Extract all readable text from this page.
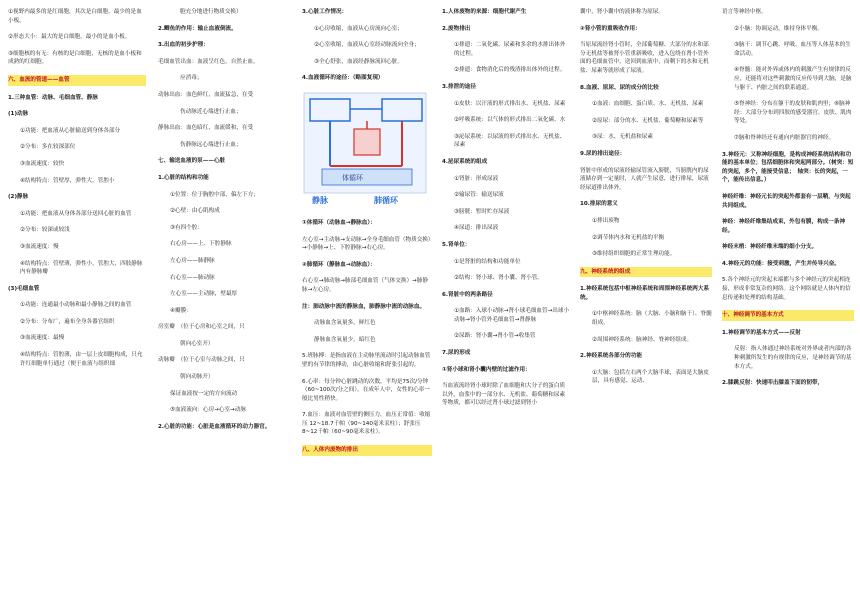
①视野内最多的是红细胞，其次是白细胞，最少的是血小板。

②形态大小：最大的是白细胞，最小的是血小板。

③细胞核的有无：有核的是白细胞，无核的是血小板和成熟的红细胞。

六、血流的管道——血管

1.三种血管：动脉、毛细血管、静脉

(1)动脉

①功能：把血液从心脏输送到身体各部分

②分布：多在较深部位

③血流速度：较快

④结构特点：管壁厚，弹性大，管腔小

(2)静脉

①功能：把血液从身体各部分送回心脏的血管

②分布：较深或较浅

③血流速度：慢

④结构特点：管壁薄，弹性小，管腔大，四肢静脉内有静脉瓣

(3)毛细血管

①功能：连通最小动脉和最小静脉之间的血管

②分布：分布广，遍布全身各器官组织

③血流速度：最慢

④结构特点：管腔薄，由一层上皮细胞构成，只允许红细胞单行通过（便于血液与组织细

胞充分地进行物质交换）

2.鲫鱼的作用：输止血液倒流。

3.出血的初步护理：

毛细血管出血：血液呈红色，自然止血，

应消毒；

动脉出血：血色鲜红，血流猛急，在受

伤动脉近心端进行止血；

静脉出血：血色暗红，血流缓和，在受

伤静脉远心端进行止血；

七、输送血液的泵——心脏

1.心脏的结构和功能

①位置：位于胸腔中部，偏左下方；

②心壁：由心肌构成

③有四个腔：

右心房——上、下腔静脉

左心房——肺静脉

右心室——肺动脉

左心室——主动脉，壁最厚

④瓣膜：

房室瓣　（位于心房和心室之间，只

朝向心室开）

动脉瓣　（位于心室与动脉之间，只

朝向动脉开）

保证血液按一定的方向流动

⑤血液流向：心房→心室→动脉

2.心脏的功能：心脏是血液循环的动力器官。

3.心脏工作情况：

①心房收缩，血液从心房流向心室；

②心室收缩，血液从心室经动脉流向全身；

③全心舒张，血液经静脉流回心脏。

4.血液循环的途径：（略图复现）

静脉	肺循环
体循环

①体循环（动脉血→静脉血）：

左心室→主动脉→支动脉→全身毛细血管（物质交换）→小静脉→上、下腔静脉→右心房。

②肺循环（静脉血→动脉血）：

右心室→肺动脉→肺部毛细血管（气体交换）→肺静脉→左心房。

注：肺动脉中流的静脉血，肺静脉中流的动脉血。

动脉血含氧量多，鲜红色

静脉血含氧量少，暗红色

5.班脉搏：是指血液在主动脉里流动时引起动脉血管壁的有节律的搏动，由心脏收缩和舒张引起的。

6.心率：每分钟心脏跳动的次数，平均是75次/分钟（60~100次/分之间），在成年人中，女性的心率一般比男性稍快。

7.血压：血液对血管壁的侧压力，血压正常值：收缩压 12~18.7千帕（90~140毫米汞柱）；舒张压 8~12千帕（60~90毫米汞柱）。

八、人体内废物的排出

1.人体废物的来源：细胞代谢产生

2.废物排出

①排遗：二氧化碳、尿素和多余的水排出体外的过程。

②排遗：食物消化后的残渣排出体外的过程。

3.排泄的途径

①皮肤：以汗液的形式排出水、无机盐、尿素

②呼吸系统：以气体的形式排出二氧化碳、水

③泌尿系统：以尿液的形式排出水、无机盐、尿素

4.泌尿系统的组成

①肾脏：形成尿液

②输尿管：输送尿液

③膀胱：暂时贮存尿液

④尿道：排出尿液

5.肾单位：

①是肾脏的结构和功能单位

②结构：肾小球、肾小囊、肾小管。

6.肾脏中的两条路径

①血路：入球小动脉→肾小球毛细血管→出球小动脉→肾小管外毛细血管→肾静脉

②尿路：肾小囊→肾小管→收集管

7.尿的形成

①肾小球和肾小囊内壁的过滤作用：

当血液流经肾小球时除了血细胞和大分子的蛋白质以外，血浆中的一部分水、无机盐、葡萄糖和尿素等物质，都可以经过肾小球过滤到肾小

囊中，肾小囊中的液体称为原尿。

②肾小管的重吸收作用：

当原尿流经肾小管时，全部葡萄糖、大部分的水和部分无机盐等被肾小管重新吸收，进入包绕在肾小管外面的毛细血管中，送回到血液中，而剩下的水和无机盐、尿素等就形成了尿液。

8.血液、原尿、尿的成分的比较

①血液：血细胞、蛋白质、水、无机盐、尿素

②原尿：部分的水、无机盐、葡萄糖和尿素等

③尿：水、无机盐和尿素

9.尿的排出途径：

肾脏中形成的尿液经输尿管流入膀胱，当膀胱内的尿液储存到一定量时，人就产生尿意，进行排尿，尿液经尿道排出体外。

10.排尿的意义

①排出废物

②调节体内水和无机盐的平衡

③维持组织细胞的正常生理功能。

九、神经系统的组成

1.神经系统包括中枢神经系统和周围神经系统两大系统。

①中枢神经系统：脑（大脑、小脑和脑干）、脊髓组成。

②周围神经系统：脑神经、脊神经组成。

2.神经系统各部分的功能

①大脑：包括左右两个大脑半球，表面是大脑皮层，具有感觉、运动、

语言等神经中枢。

②小脑：协调运动，维持身体平衡。

③脑干：调节心跳、呼吸、血压等人体基本的生命活动。

④脊髓：能对外界或体内的刺激产生有规律的反应，还能将对这些刺激的反应传导到大脑，是脑与躯干、内脏之间的联系通道。

⑤脊神经：分布在躯干的皮肤和肌肉里；⑥脑神经：大部分分布到四肢的感受器官、皮肤、肌肉等处。

⑦脑和脊神经还有通向内脏器官的神经。

3.神经元：又称神经细胞，是构成神经系统结构和功能的基本单位；包括细胞体和突起两部分。（树突：短的突起，多个，能接受信息；　轴突：长的突起，一个，能传出信息。）

神经纤维：神经元长的突起外都套有一层鞘，与突起共同组成。

神经：神经纤维集结成束，外包有膜，构成一条神经。

神经末梢：神经纤维末端的细小分支。

4.神经元的功能：接受刺激，产生并传导兴奋。

5.各个神经元的突起末端都与多个神经元的突起相连接，形成非常复杂的网络。这个网络就是人体内的信息传递和处理的结构基础。

十、神经调节的基本方式

1.神经调节的基本方式——反射

反射：指人体通过神经系统对外界或者内部的各种刺激所发生的有规律的反应，是神经调节的基本方式。

2.膝跳反射：快速叩击膝盖下面的韧带，
